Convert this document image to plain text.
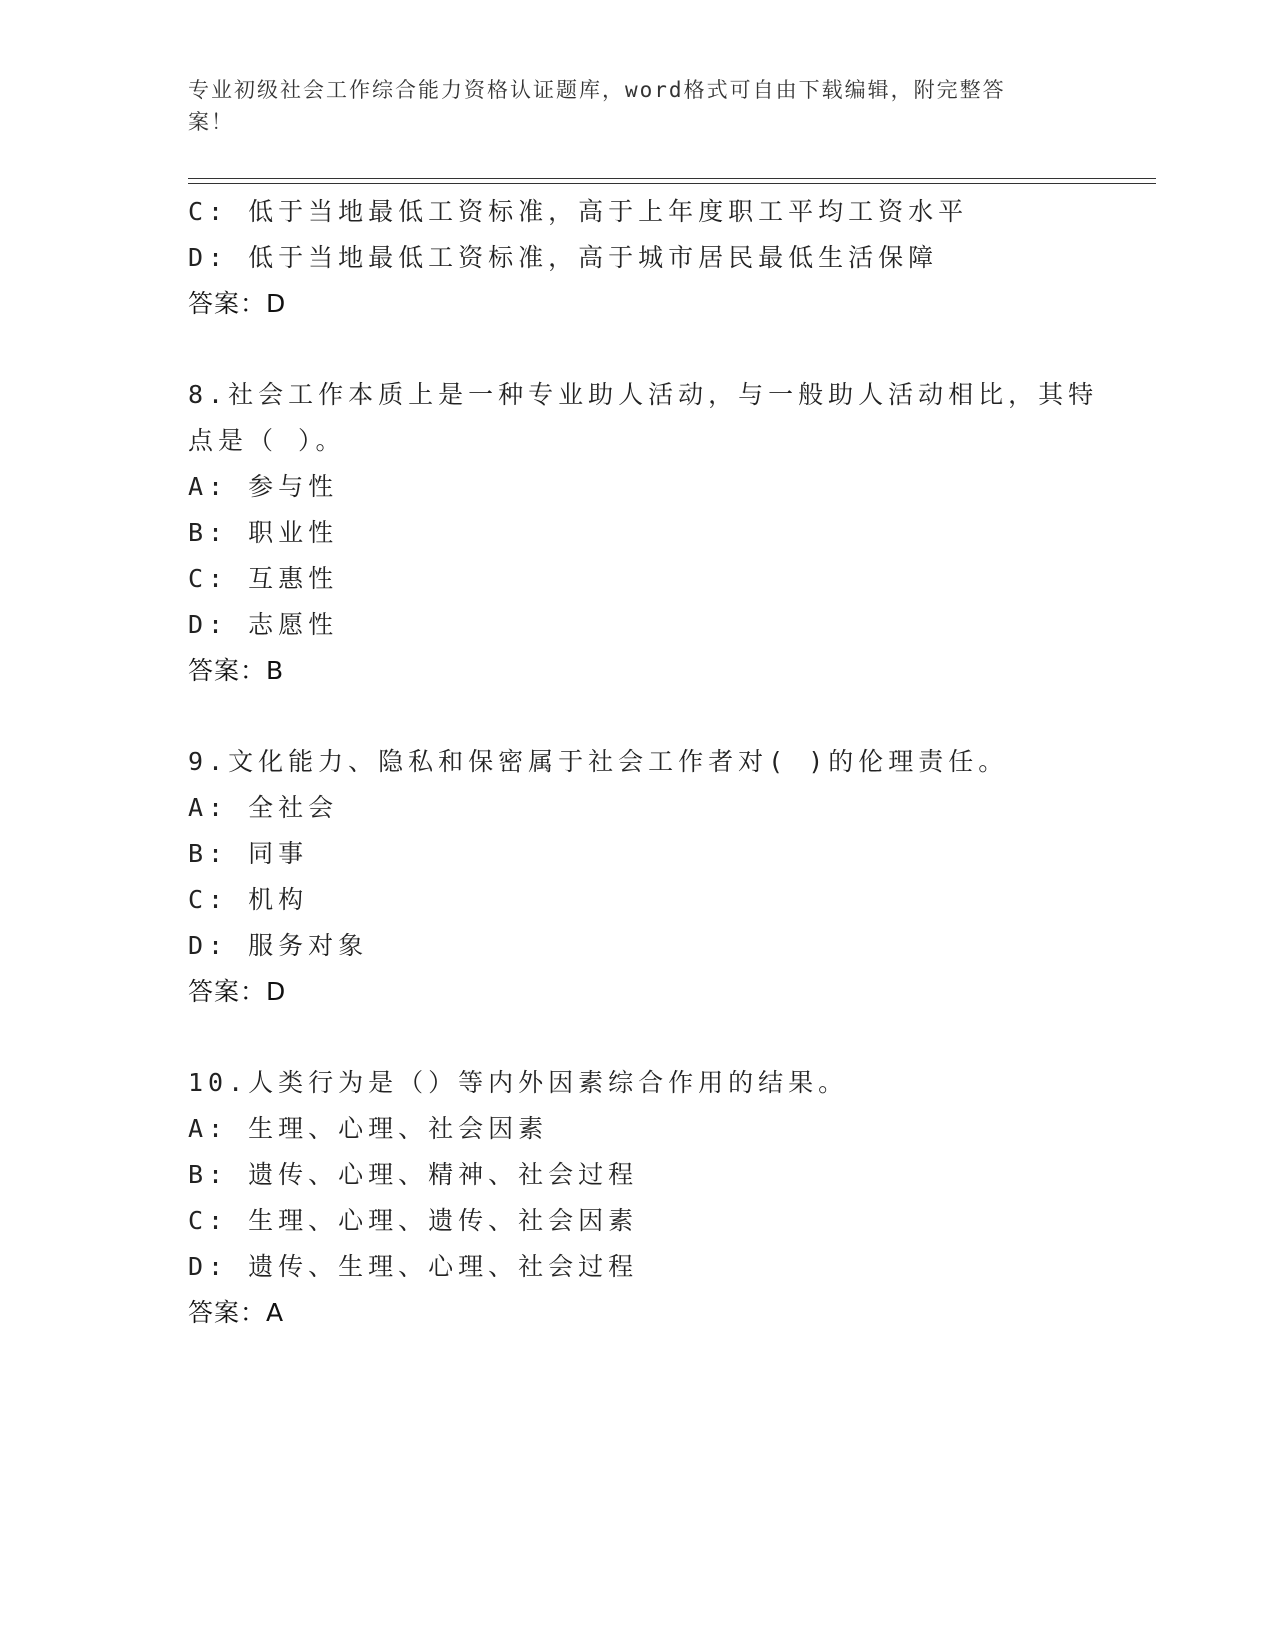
专业初级社会工作综合能力资格认证题库，word格式可自由下载编辑，附完整答
案！
C: 低于当地最低工资标准，高于上年度职工平均工资水平
D: 低于当地最低工资标准，高于城市居民最低生活保障
答案：D
8.社会工作本质上是一种专业助人活动，与一般助人活动相比，其特
点是（ ）。
A: 参与性
B: 职业性
C: 互惠性
D: 志愿性
答案：B
9.文化能力、隐私和保密属于社会工作者对( )的伦理责任。
A: 全社会
B: 同事
C: 机构
D: 服务对象
答案：D
10.人类行为是（）等内外因素综合作用的结果。
A: 生理、心理、社会因素
B: 遗传、心理、精神、社会过程
C: 生理、心理、遗传、社会因素
D: 遗传、生理、心理、社会过程
答案：A
